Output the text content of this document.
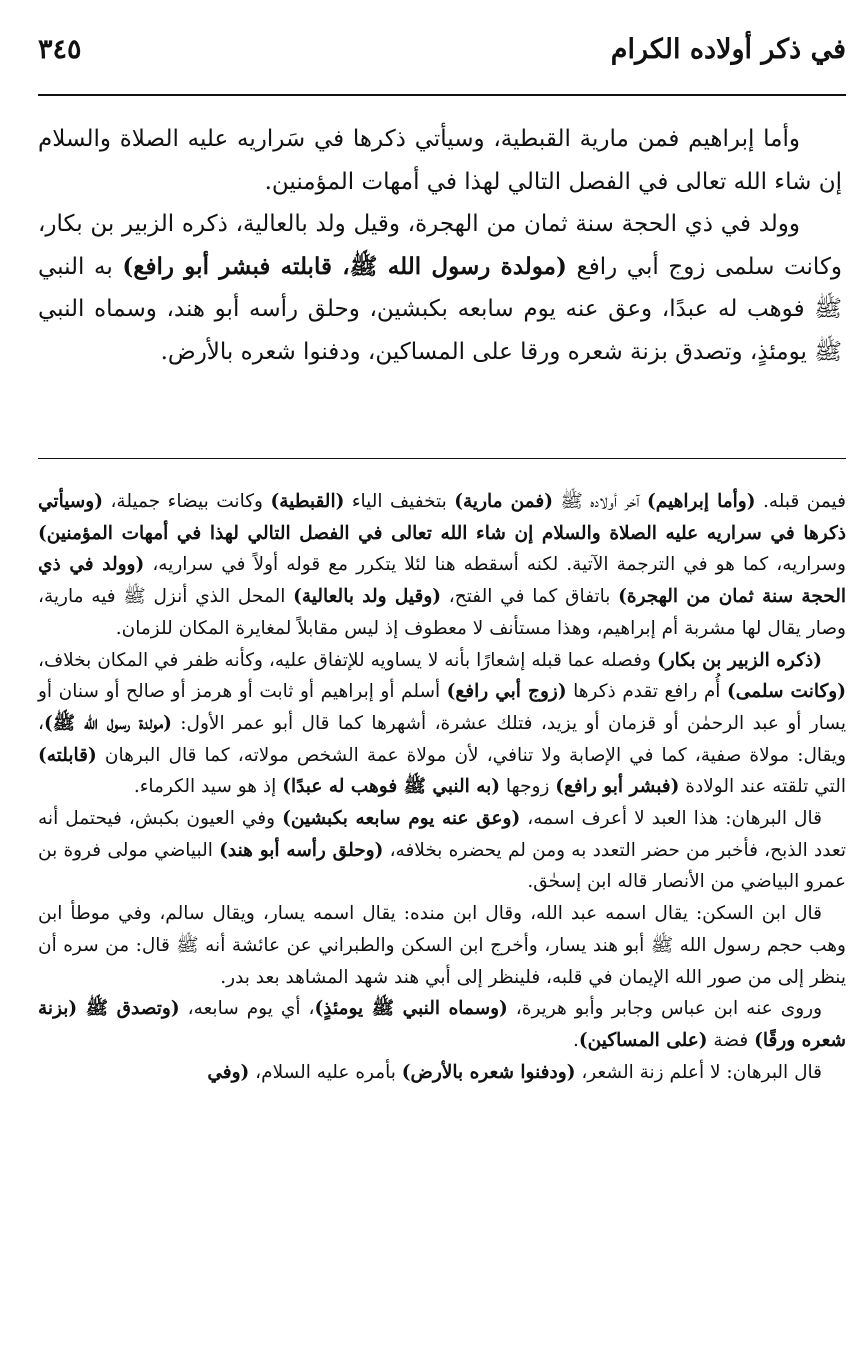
في ذكر أولاده الكرام
٣٤٥

وأما إبراهيم فمن مارية القبطية، وسيأتي ذكرها في سَراريه عليه الصلاة والسلام إن شاء الله تعالى في الفصل التالي لهذا في أمهات المؤمنين.

وولد في ذي الحجة سنة ثمان من الهجرة، وقيل ولد بالعالية، ذكره الزبير بن بكار، وكانت سلمى زوج أبي رافع (مولدة رسول الله ﷺ، قابلته فبشر أبو رافع) به النبي ﷺ فوهب له عبدًا، وعق عنه يوم سابعه بكبشين، وحلق رأسه أبو هند، وسماه النبي ﷺ يومئذٍ، وتصدق بزنة شعره ورقا على المساكين، ودفنوا شعره بالأرض.

فيمن قبله. (وأما إبراهيم) آخر أولاده ﷺ (فمن مارية) بتخفيف الياء (القبطية) وكانت بيضاء جميلة، (وسيأتي ذكرها في سراريه عليه الصلاة والسلام إن شاء الله تعالى في الفصل التالي لهذا في أمهات المؤمنين) وسراريه، كما هو في الترجمة الآتية. لكنه أسقطه هنا لئلا يتكرر مع قوله أولاً في سراريه، (وولد في ذي الحجة سنة ثمان من الهجرة) باتفاق كما في الفتح، (وقيل ولد بالعالية) المحل الذي أنزل ﷺ فيه مارية، وصار يقال لها مشربة أم إبراهيم، وهذا مستأنف لا معطوف إذ ليس مقابلاً لمغايرة المكان للزمان.

(ذكره الزبير بن بكار) وفصله عما قبله إشعارًا بأنه لا يساويه للإتفاق عليه، وكأنه ظفر في المكان بخلاف، (وكانت سلمى) أُم رافع تقدم ذكرها (زوج أبي رافع) أسلم أو إبراهيم أو ثابت أو هرمز أو صالح أو سنان أو يسار أو عبد الرحمٰن أو قزمان أو يزيد، فتلك عشرة، أشهرها كما قال أبو عمر الأول: (مولدة رسول الله ﷺ)، ويقال: مولاة صفية، كما في الإصابة ولا تنافي، لأن مولاة عمة الشخص مولاته، كما قال البرهان (قابلته) التي تلقته عند الولادة (فبشر أبو رافع) زوجها (به النبي ﷺ فوهب له عبدًا) إذ هو سيد الكرماء.

قال البرهان: هذا العبد لا أعرف اسمه، (وعق عنه يوم سابعه بكبشين) وفي العيون بكبش، فيحتمل أنه تعدد الذبح، فأخبر من حضر التعدد به ومن لم يحضره بخلافه، (وحلق رأسه أبو هند) البياضي مولى فروة بن عمرو البياضي من الأنصار قاله ابن إسحٰق.

قال ابن السكن: يقال اسمه عبد الله، وقال ابن منده: يقال اسمه يسار، ويقال سالم، وفي موطأ ابن وهب حجم رسول الله ﷺ أبو هند يسار، وأخرج ابن السكن والطبراني عن عائشة أنه ﷺ قال: من سره أن ينظر إلى من صور الله الإيمان في قلبه، فلينظر إلى أبي هند شهد المشاهد بعد بدر.

وروى عنه ابن عباس وجابر وأبو هريرة، (وسماه النبي ﷺ يومئذٍ)، أي يوم سابعه، (وتصدق ﷺ (بزنة شعره ورقًا) فضة (على المساكين).

قال البرهان: لا أعلم زنة الشعر، (ودفنوا شعره بالأرض) بأمره عليه السلام، (وفي
